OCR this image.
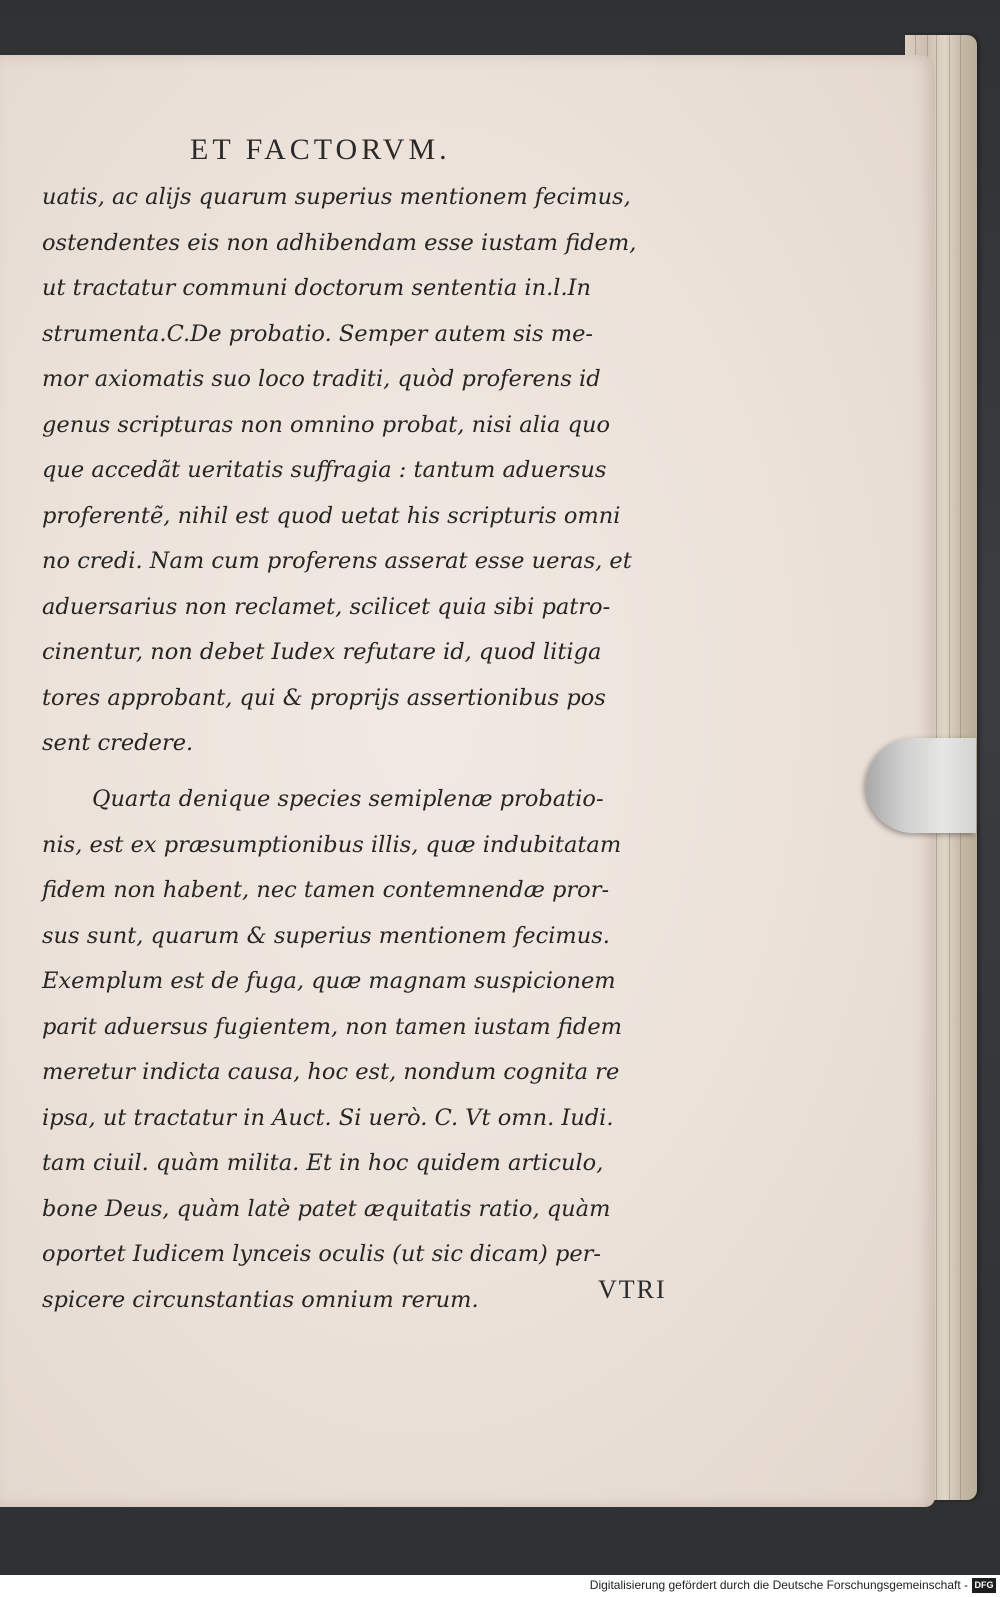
ET FACTORVM.
uatis, ac alijs quarum superius mentionem fecimus,
ostendentes eis non adhibendam esse iustam fidem,
ut tractatur communi doctorum sententia in.l.In
strumenta.C.De probatio. Semper autem sis me-
mor axiomatis suo loco traditi, quòd proferens id
genus scripturas non omnino probat, nisi alia quo
que accedãt ueritatis suffragia : tantum aduersus
proferentẽ, nihil est quod uetat his scripturis omni
no credi. Nam cum proferens asserat esse ueras, et
aduersarius non reclamet, scilicet quia sibi patro-
cinentur, non debet Iudex refutare id, quod litiga
tores approbant, qui & proprijs assertionibus pos
sent credere.
Quarta denique species semiplenæ probatio-
nis, est ex præsumptionibus illis, quæ indubitatam
fidem non habent, nec tamen contemnendæ pror-
sus sunt, quarum & superius mentionem fecimus.
Exemplum est de fuga, quæ magnam suspicionem
parit aduersus fugientem, non tamen iustam fidem
meretur indicta causa, hoc est, nondum cognita re
ipsa, ut tractatur in Auct. Si uerò. C. Vt omn. Iudi.
tam ciuil. quàm milita. Et in hoc quidem articulo,
bone Deus, quàm latè patet æquitatis ratio, quàm
oportet Iudicem lynceis oculis (ut sic dicam) per-
spicere circunstantias omnium rerum.	VTRI
Digitalisierung gefördert durch die Deutsche Forschungsgemeinschaft - DFG
